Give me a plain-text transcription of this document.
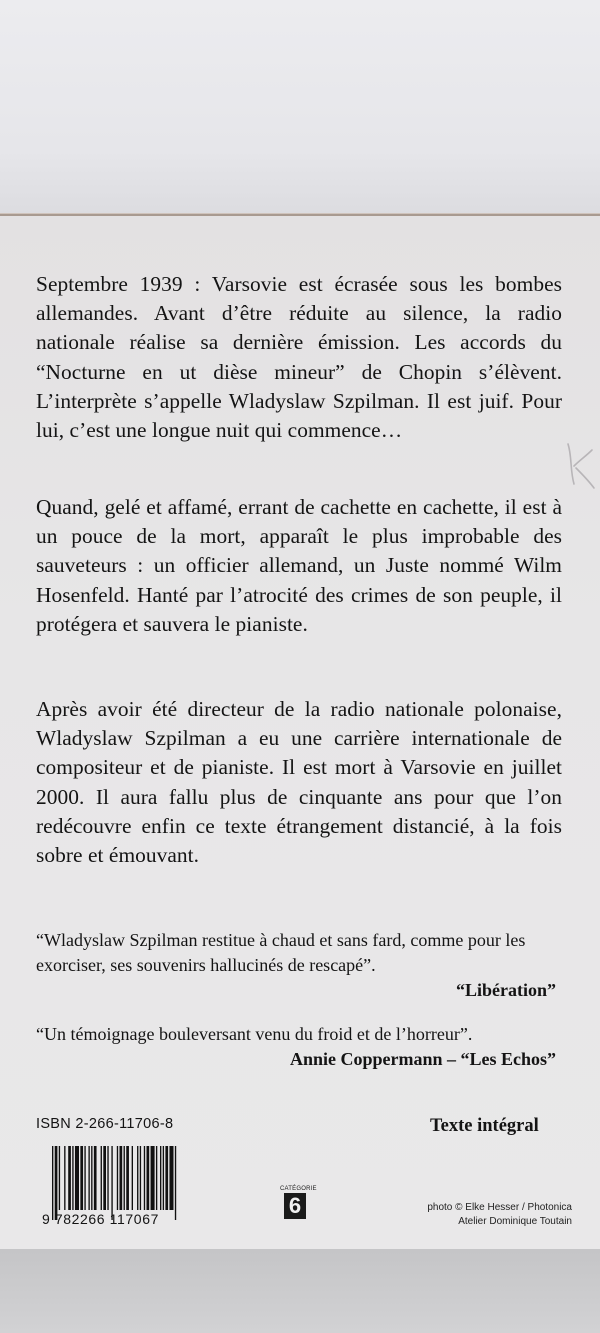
Septembre 1939 : Varsovie est écrasée sous les bombes allemandes. Avant d’être réduite au silence, la radio nationale réalise sa dernière émission. Les accords du “Nocturne en ut dièse mineur” de Chopin s’élèvent. L’interprète s’appelle Wladyslaw Szpilman. Il est juif. Pour lui, c’est une longue nuit qui commence…

Quand, gelé et affamé, errant de cachette en cachette, il est à un pouce de la mort, apparaît le plus improbable des sauveteurs : un officier allemand, un Juste nommé Wilm Hosenfeld. Hanté par l’atrocité des crimes de son peuple, il protégera et sauvera le pianiste.

Après avoir été directeur de la radio nationale polonaise, Wladyslaw Szpilman a eu une carrière internationale de compositeur et de pianiste. Il est mort à Varsovie en juillet 2000. Il aura fallu plus de cinquante ans pour que l’on redécouvre enfin ce texte étrangement distancié, à la fois sobre et émouvant.

“Wladyslaw Szpilman restitue à chaud et sans fard, comme pour les exorciser, ses souvenirs hallucinés de rescapé”.

“Libération”

“Un témoignage bouleversant venu du froid et de l’horreur”.

Annie Coppermann – “Les Echos”
ISBN 2-266-11706-8	Texte intégral
9 782266 117067
CATÉGORIE
6	photo © Elke Hesser / Photonica
Atelier Dominique Toutain
